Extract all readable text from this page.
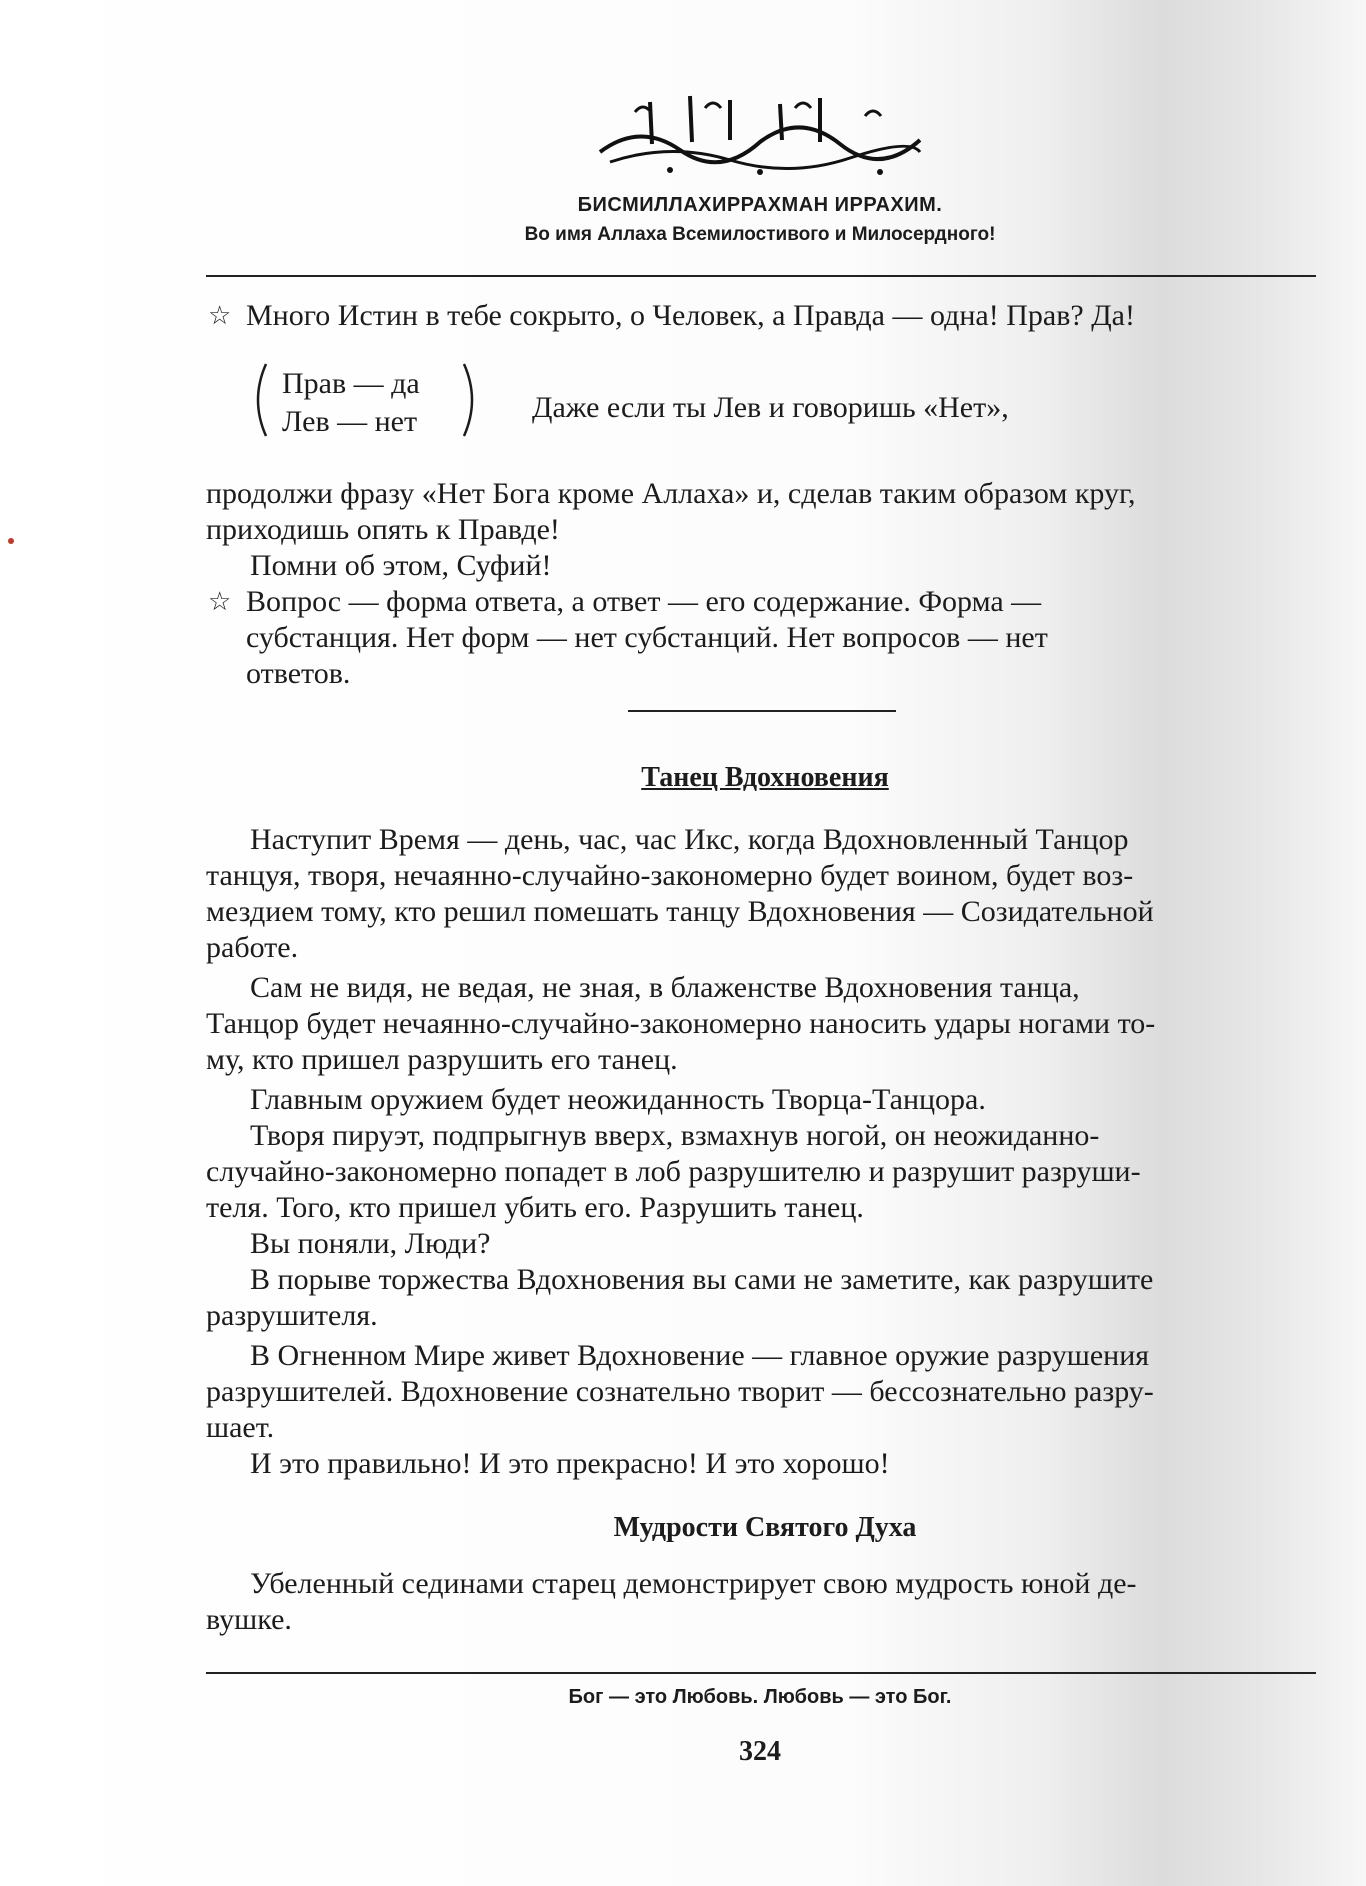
БИСМИЛЛАХИРРАХМАН ИРРАХИМ.
Во имя Аллаха Всемилостивого и Милосердного!
☆ Много Истин в тебе сокрыто, о Человек, а Правда — одна! Прав? Да!
Прав — да
Лев — нет	Даже если ты Лев и говоришь «Нет»,
продолжи фразу «Нет Бога кроме Аллаха» и, сделав таким образом круг,
приходишь опять к Правде!
Помни об этом, Суфий!
☆ Вопрос — форма ответа, а ответ — его содержание. Форма —
субстанция. Нет форм — нет субстанций. Нет вопросов — нет
ответов.
Танец Вдохновения
Наступит Время — день, час, час Икс, когда Вдохновленный Танцор
танцуя, творя, нечаянно-случайно-закономерно будет воином, будет воз-
мездием тому, кто решил помешать танцу Вдохновения — Созидательной
работе.
Сам не видя, не ведая, не зная, в блаженстве Вдохновения танца,
Танцор будет нечаянно-случайно-закономерно наносить удары ногами то-
му, кто пришел разрушить его танец.
Главным оружием будет неожиданность Творца-Танцора.
Творя пируэт, подпрыгнув вверх, взмахнув ногой, он неожиданно-
случайно-закономерно попадет в лоб разрушителю и разрушит разруши-
теля. Того, кто пришел убить его. Разрушить танец.
Вы поняли, Люди?
В порыве торжества Вдохновения вы сами не заметите, как разрушите
разрушителя.
В Огненном Мире живет Вдохновение — главное оружие разрушения
разрушителей. Вдохновение сознательно творит — бессознательно разру-
шает.
И это правильно! И это прекрасно! И это хорошо!
Мудрости Святого Духа
Убеленный сединами старец демонстрирует свою мудрость юной де-
вушке.
Бог — это Любовь. Любовь — это Бог.
324
